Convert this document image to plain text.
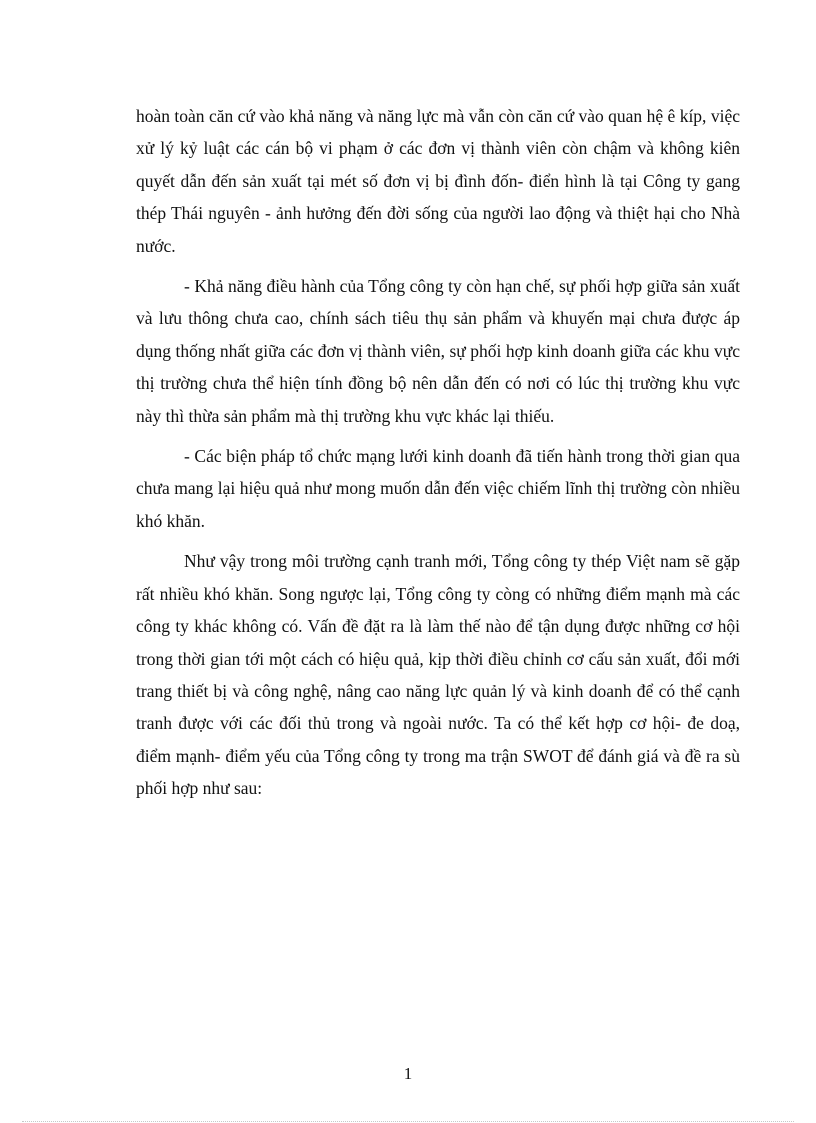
hoàn toàn căn cứ vào khả năng và năng lực mà vẫn còn căn cứ vào quan hệ ê kíp, việc xử lý kỷ luật các cán bộ vi phạm ở các đơn vị thành viên còn chậm và không kiên quyết dẫn đến sản xuất tại mét số đơn vị bị đình đốn- điển hình là tại Công ty gang thép Thái nguyên - ảnh hưởng đến đời sống của người lao động và thiệt hại cho Nhà nước.

- Khả năng điều hành của Tổng công ty còn hạn chế, sự phối hợp giữa sản xuất và lưu thông chưa cao, chính sách tiêu thụ sản phẩm và khuyến mại chưa được áp dụng thống nhất giữa các đơn vị thành viên, sự phối hợp kinh doanh giữa các khu vực thị trường chưa thể hiện tính đồng bộ nên dẫn đến có nơi có lúc thị trường khu vực này thì thừa sản phẩm mà thị trường khu vực khác lại thiếu.

- Các biện pháp tổ chức mạng lưới kinh doanh đã tiến hành trong thời gian qua chưa mang lại hiệu quả như mong muốn dẫn đến việc chiếm lĩnh thị trường còn nhiều khó khăn.

Như vậy trong môi trường cạnh tranh mới, Tổng công ty thép Việt nam sẽ gặp rất nhiều khó khăn. Song ngược lại, Tổng công ty còng có những điểm mạnh mà các công ty khác không có. Vấn đề đặt ra là làm thế nào để tận dụng được những cơ hội trong thời gian tới một cách có hiệu quả, kịp thời điều chỉnh cơ cấu sản xuất, đổi mới trang thiết bị và công nghệ, nâng cao năng lực quản lý và kinh doanh để có thể cạnh tranh được với các đối thủ trong và ngoài nước. Ta có thể kết hợp cơ hội- đe doạ, điểm mạnh- điểm yếu của Tổng công ty trong ma trận SWOT để đánh giá và đề ra sù phối hợp như sau:

1
